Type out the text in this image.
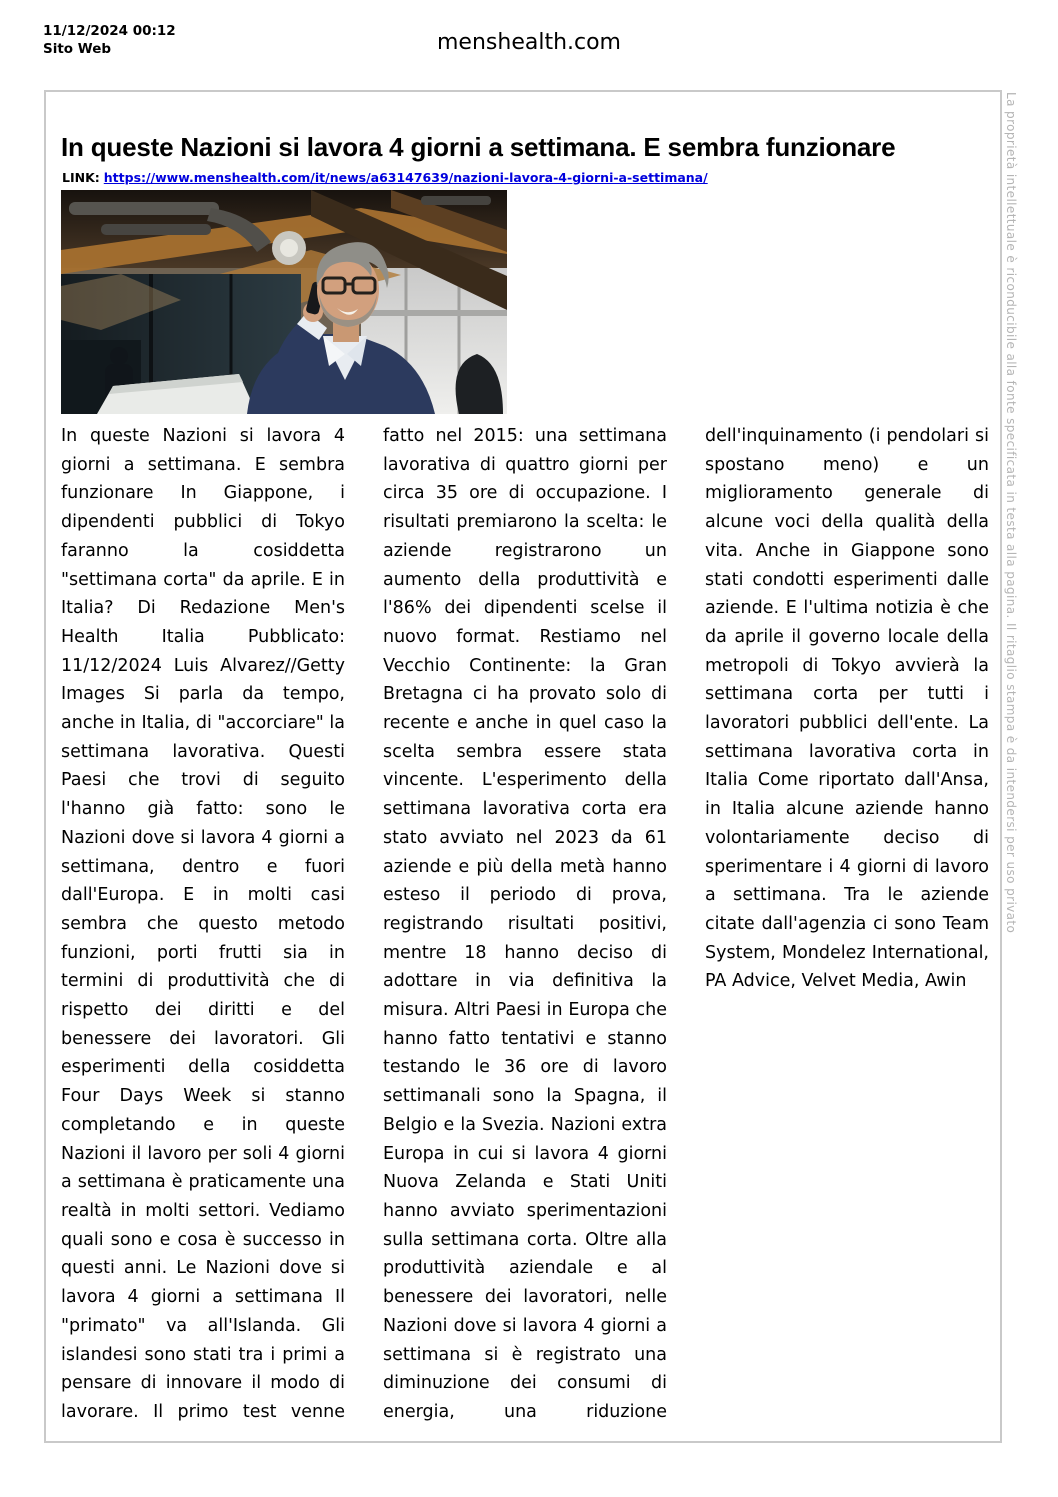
11/12/2024 00:12
Sito Web	menshealth.com
In queste Nazioni si lavora 4 giorni a settimana. E sembra funzionare
LINK: https://www.menshealth.com/it/news/a63147639/nazioni-lavora-4-giorni-a-settimana/
In queste Nazioni si lavora 4 giorni a settimana. E sembra funzionare In Giappone, i dipendenti pubblici di Tokyo faranno la cosiddetta "settimana corta" da aprile. E in Italia? Di Redazione Men's Health Italia Pubblicato: 11/12/2024 Luis Alvarez//Getty Images Si parla da tempo, anche in Italia, di "accorciare" la settimana lavorativa. Questi Paesi che trovi di seguito l'hanno già fatto: sono le Nazioni dove si lavora 4 giorni a settimana, dentro e fuori dall'Europa. E in molti casi sembra che questo metodo funzioni, porti frutti sia in termini di produttività che di rispetto dei diritti e del benessere dei lavoratori. Gli esperimenti della cosiddetta Four Days Week si stanno completando e in queste Nazioni il lavoro per soli 4 giorni a settimana è praticamente una realtà in molti settori. Vediamo quali sono e cosa è successo in questi anni. Le Nazioni dove si lavora 4 giorni a settimana Il "primato" va all'Islanda. Gli islandesi sono stati tra i primi a pensare di innovare il modo di lavorare. Il primo test venne fatto nel 2015: una settimana lavorativa di quattro giorni per circa 35 ore di occupazione. I risultati premiarono la scelta: le aziende registrarono un aumento della produttività e l'86% dei dipendenti scelse il nuovo format. Restiamo nel Vecchio Continente: la Gran Bretagna ci ha provato solo di recente e anche in quel caso la scelta sembra essere stata vincente. L'esperimento della settimana lavorativa corta era stato avviato nel 2023 da 61 aziende e più della metà hanno esteso il periodo di prova, registrando risultati positivi, mentre 18 hanno deciso di adottare in via definitiva la misura. Altri Paesi in Europa che hanno fatto tentativi e stanno testando le 36 ore di lavoro settimanali sono la Spagna, il Belgio e la Svezia. Nazioni extra Europa in cui si lavora 4 giorni Nuova Zelanda e Stati Uniti hanno avviato sperimentazioni sulla settimana corta. Oltre alla produttività aziendale e al benessere dei lavoratori, nelle Nazioni dove si lavora 4 giorni a settimana si è registrato una diminuzione dei consumi di energia, una riduzione dell'inquinamento (i pendolari si spostano meno) e un miglioramento generale di alcune voci della qualità della vita. Anche in Giappone sono stati condotti esperimenti dalle aziende. E l'ultima notizia è che da aprile il governo locale della metropoli di Tokyo avvierà la settimana corta per tutti i lavoratori pubblici dell'ente. La settimana lavorativa corta in Italia Come riportato dall'Ansa, in Italia alcune aziende hanno volontariamente deciso di sperimentare i 4 giorni di lavoro a settimana. Tra le aziende citate dall'agenzia ci sono Team System, Mondelez International, PA Advice, Velvet Media, Awin
La proprietà intellettuale è riconducibile alla fonte specificata in testa alla pagina. Il ritaglio stampa è da intendersi per uso privato
